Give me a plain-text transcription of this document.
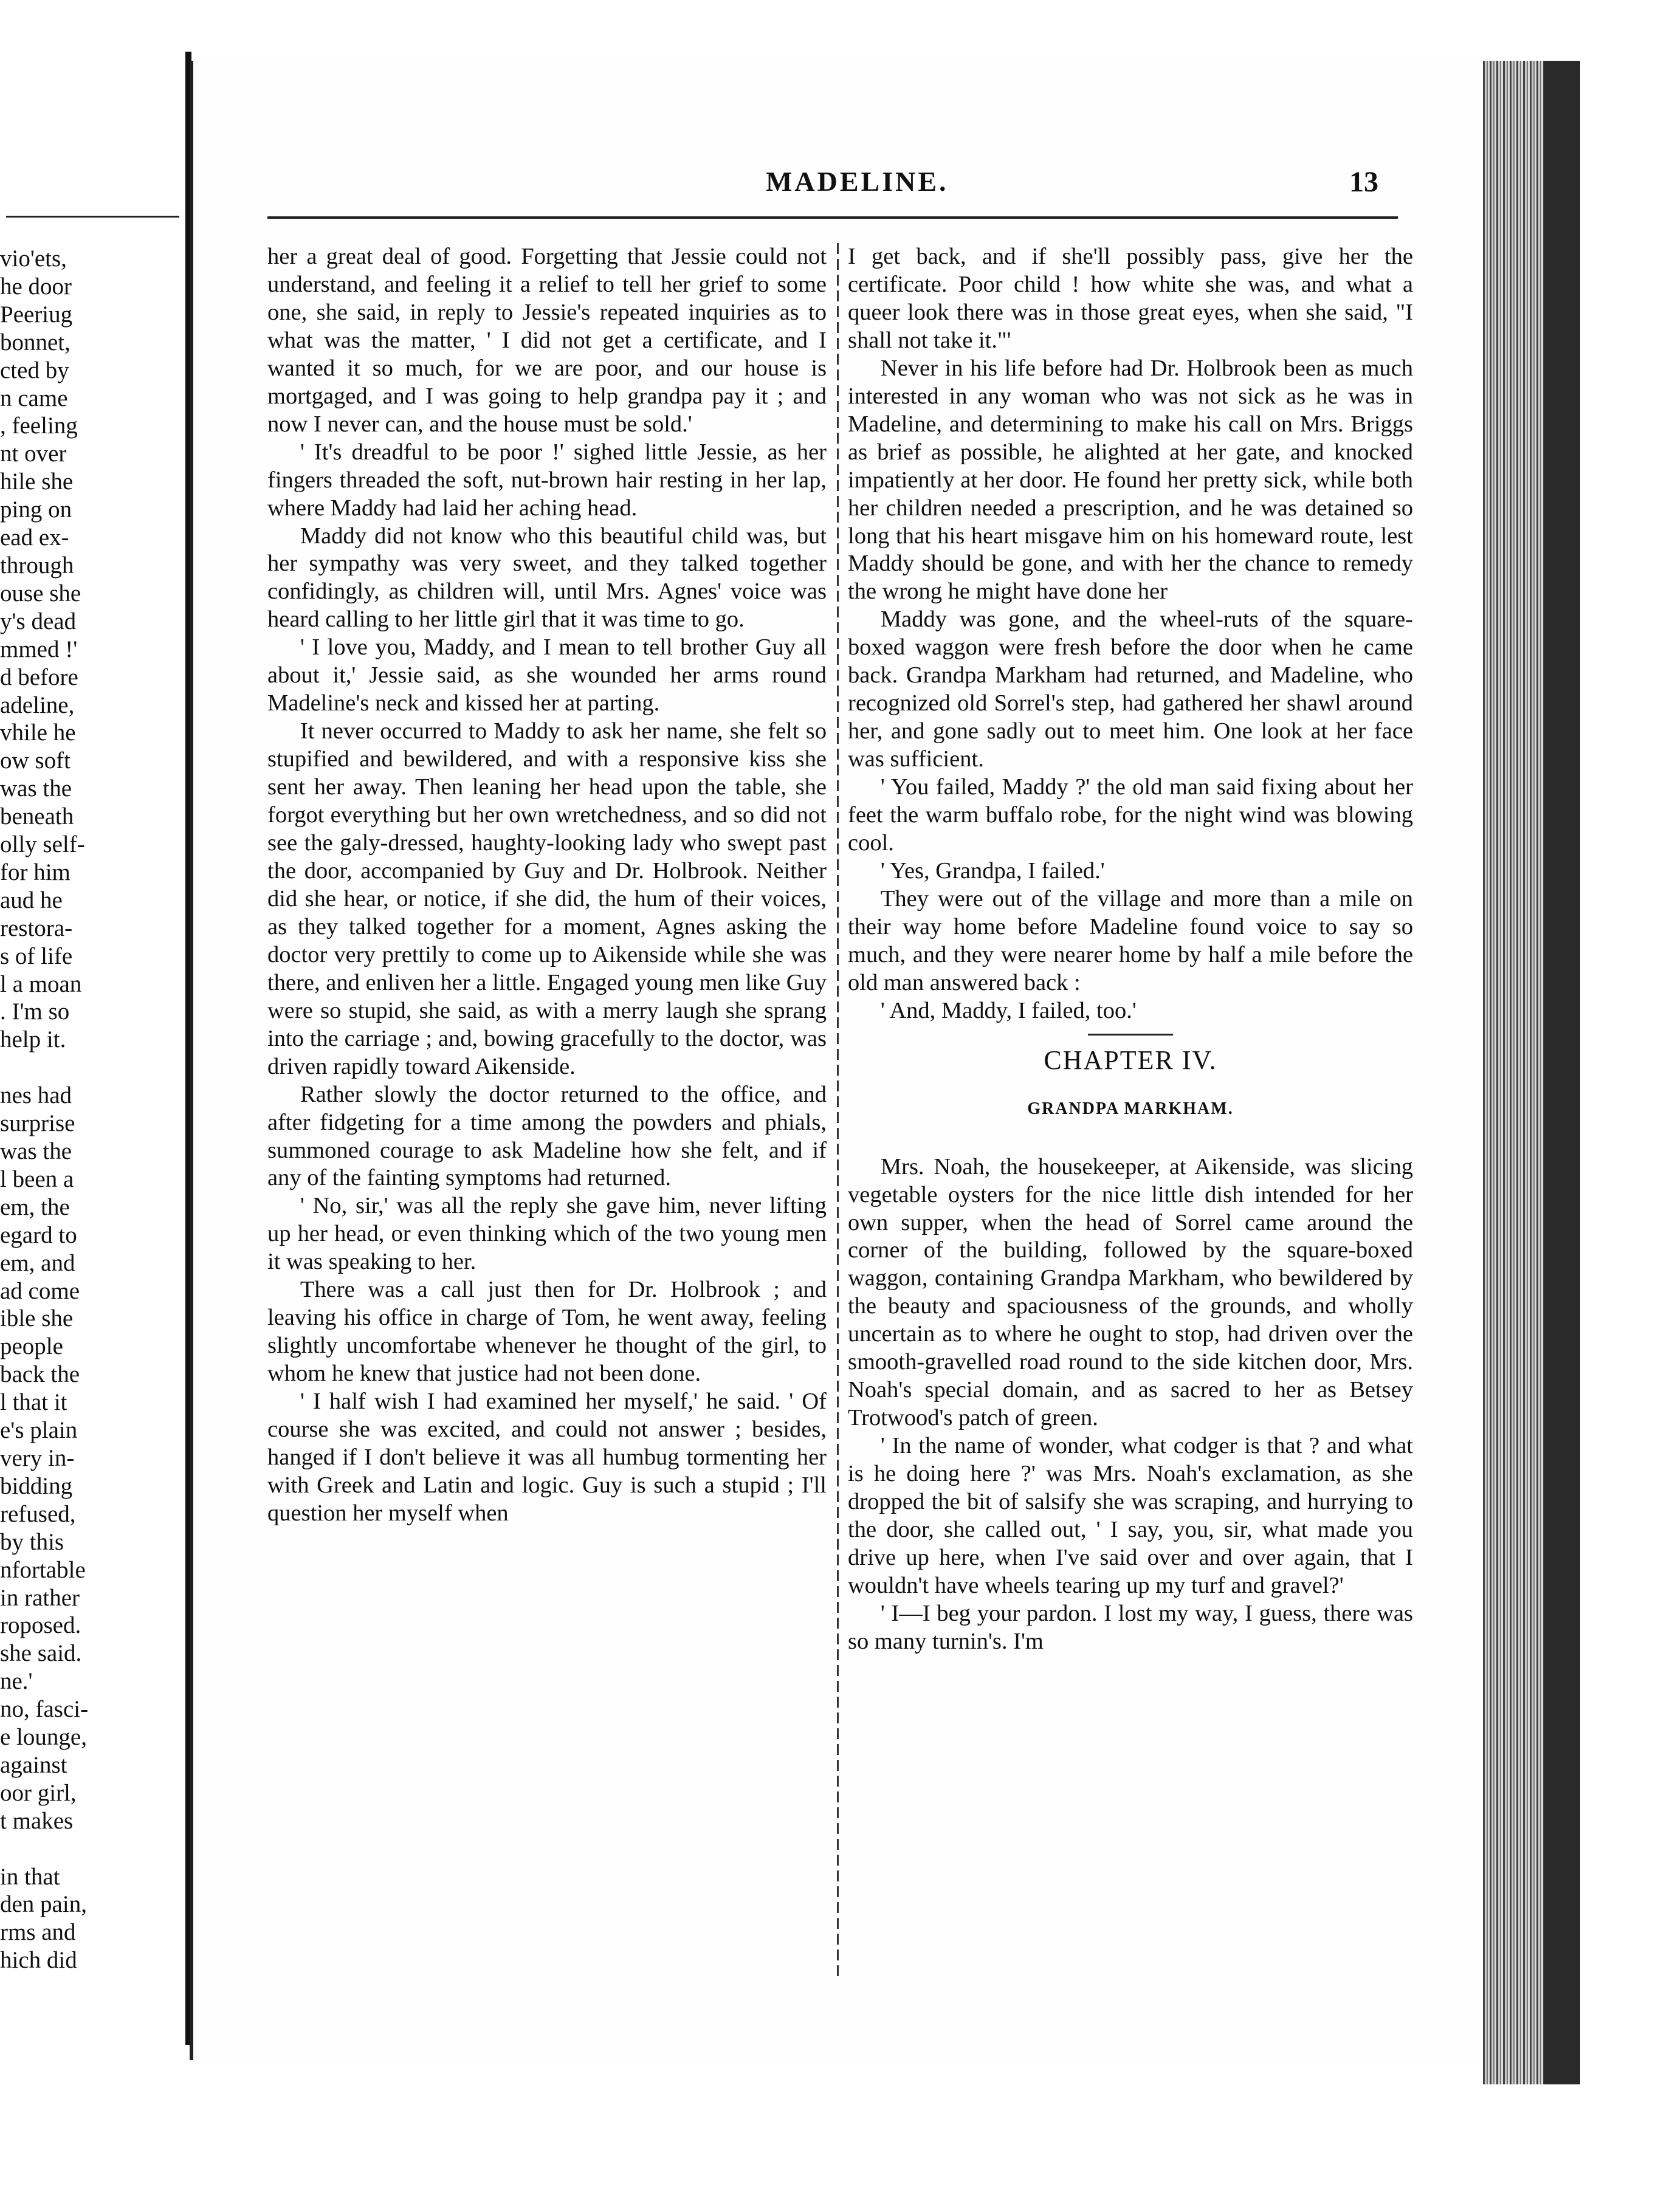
vio'ets,
he door
Peeriug
bonnet,
cted by
n came
, feeling
nt over
hile she
ping on
ead ex-
through
ouse she
y's dead
mmed !'
d before
adeline,
vhile he
ow soft
was the
beneath
olly self-
for him
aud he
restora-
s of life
l a moan
. I'm so
help it.

nes had
surprise
was the
l been a
em, the
egard to
em, and
ad come
ible she
people
back the
l that it
e's plain
very in-
bidding
refused,
by this
nfortable
in rather
roposed.
she said.
ne.'
no, fasci-
e lounge,
against
oor girl,
t makes

in that
den pain,
rms and
hich did
MADELINE.	13

her a great deal of good. Forgetting that Jessie could not understand, and feeling it a relief to tell her grief to some one, she said, in reply to Jessie's repeated inquiries as to what was the matter, ' I did not get a certificate, and I wanted it so much, for we are poor, and our house is mortgaged, and I was going to help grandpa pay it ; and now I never can, and the house must be sold.'

' It's dreadful to be poor !' sighed little Jessie, as her fingers threaded the soft, nut-brown hair resting in her lap, where Maddy had laid her aching head.

Maddy did not know who this beautiful child was, but her sympathy was very sweet, and they talked together confidingly, as children will, until Mrs. Agnes' voice was heard calling to her little girl that it was time to go.

' I love you, Maddy, and I mean to tell brother Guy all about it,' Jessie said, as she wounded her arms round Madeline's neck and kissed her at parting.

It never occurred to Maddy to ask her name, she felt so stupified and bewildered, and with a responsive kiss she sent her away. Then leaning her head upon the table, she forgot everything but her own wretchedness, and so did not see the galy-dressed, haughty-looking lady who swept past the door, accompanied by Guy and Dr. Holbrook. Neither did she hear, or notice, if she did, the hum of their voices, as they talked together for a moment, Agnes asking the doctor very prettily to come up to Aikenside while she was there, and enliven her a little. Engaged young men like Guy were so stupid, she said, as with a merry laugh she sprang into the carriage ; and, bowing gracefully to the doctor, was driven rapidly toward Aikenside.

Rather slowly the doctor returned to the office, and after fidgeting for a time among the powders and phials, summoned courage to ask Madeline how she felt, and if any of the fainting symptoms had returned.

' No, sir,' was all the reply she gave him, never lifting up her head, or even thinking which of the two young men it was speaking to her.

There was a call just then for Dr. Holbrook ; and leaving his office in charge of Tom, he went away, feeling slightly uncomfortabe whenever he thought of the girl, to whom he knew that justice had not been done.

' I half wish I had examined her myself,' he said. ' Of course she was excited, and could not answer ; besides, hanged if I don't believe it was all humbug tormenting her with Greek and Latin and logic. Guy is such a stupid ; I'll question her myself when

I get back, and if she'll possibly pass, give her the certificate. Poor child ! how white she was, and what a queer look there was in those great eyes, when she said, "I shall not take it."'

Never in his life before had Dr. Holbrook been as much interested in any woman who was not sick as he was in Madeline, and determining to make his call on Mrs. Briggs as brief as possible, he alighted at her gate, and knocked impatiently at her door. He found her pretty sick, while both her children needed a prescription, and he was detained so long that his heart misgave him on his homeward route, lest Maddy should be gone, and with her the chance to remedy the wrong he might have done her

Maddy was gone, and the wheel-ruts of the square-boxed waggon were fresh before the door when he came back. Grandpa Markham had returned, and Madeline, who recognized old Sorrel's step, had gathered her shawl around her, and gone sadly out to meet him. One look at her face was sufficient.

' You failed, Maddy ?' the old man said fixing about her feet the warm buffalo robe, for the night wind was blowing cool.

' Yes, Grandpa, I failed.'

They were out of the village and more than a mile on their way home before Madeline found voice to say so much, and they were nearer home by half a mile before the old man answered back :

' And, Maddy, I failed, too.'

CHAPTER IV.
GRANDPA MARKHAM.

Mrs. Noah, the housekeeper, at Aikenside, was slicing vegetable oysters for the nice little dish intended for her own supper, when the head of Sorrel came around the corner of the building, followed by the square-boxed waggon, containing Grandpa Markham, who bewildered by the beauty and spaciousness of the grounds, and wholly uncertain as to where he ought to stop, had driven over the smooth-gravelled road round to the side kitchen door, Mrs. Noah's special domain, and as sacred to her as Betsey Trotwood's patch of green.

' In the name of wonder, what codger is that ? and what is he doing here ?' was Mrs. Noah's exclamation, as she dropped the bit of salsify she was scraping, and hurrying to the door, she called out, ' I say, you, sir, what made you drive up here, when I've said over and over again, that I wouldn't have wheels tearing up my turf and gravel?'

' I—I beg your pardon. I lost my way, I guess, there was so many turnin's. I'm
